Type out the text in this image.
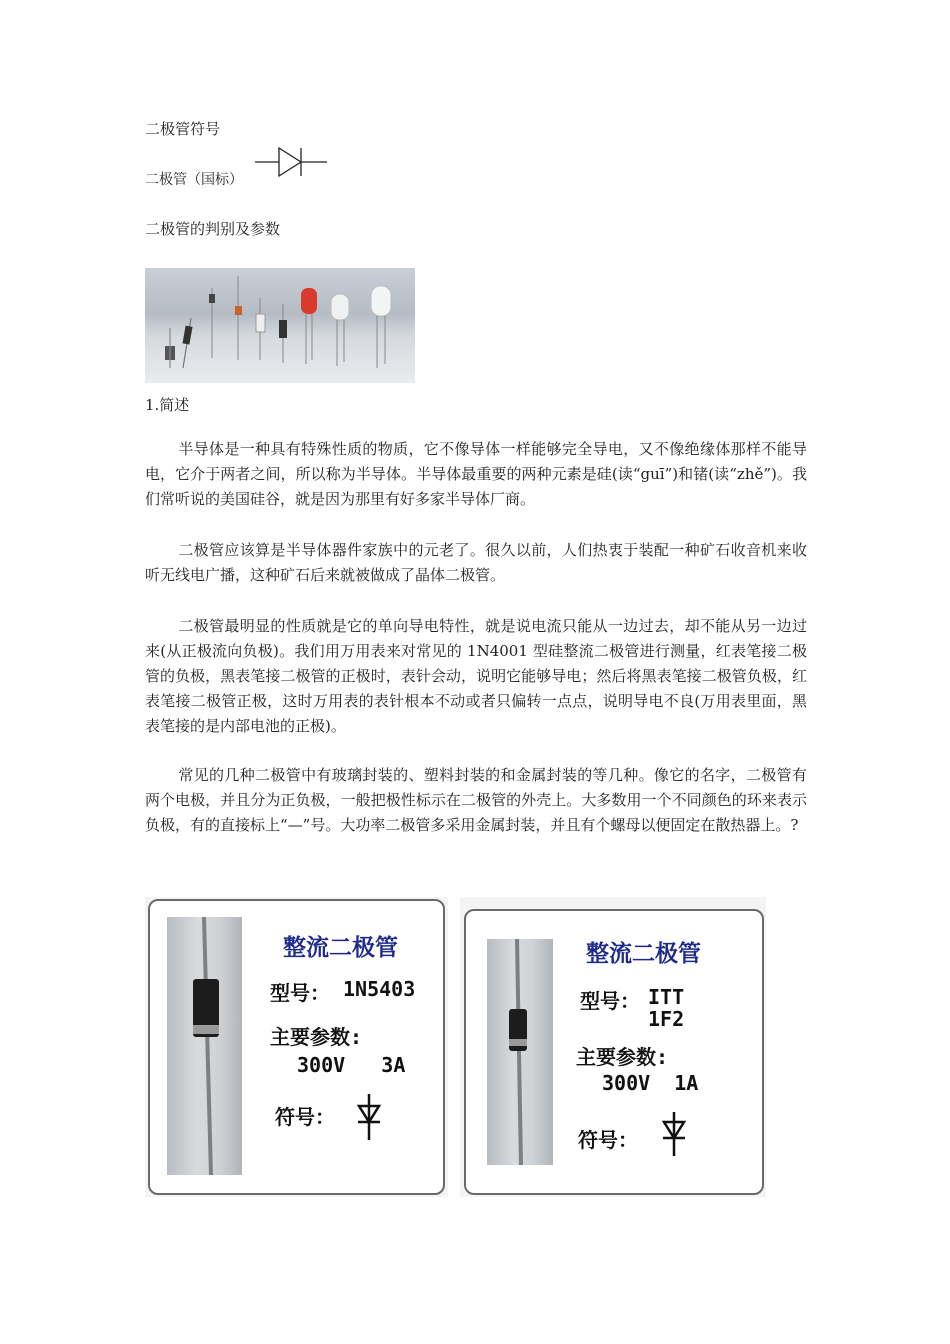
二极管符号
二极管（国标）
二极管的判别及参数
1.简述
半导体是一种具有特殊性质的物质，它不像导体一样能够完全导电，又不像绝缘体那样不能导电，它介于两者之间，所以称为半导体。半导体最重要的两种元素是硅(读“guī”)和锗(读“zhě”)。我们常听说的美国硅谷，就是因为那里有好多家半导体厂商。
二极管应该算是半导体器件家族中的元老了。很久以前，人们热衷于装配一种矿石收音机来收听无线电广播，这种矿石后来就被做成了晶体二极管。
二极管最明显的性质就是它的单向导电特性，就是说电流只能从一边过去，却不能从另一边过来(从正极流向负极)。我们用万用表来对常见的 1N4001 型硅整流二极管进行测量，红表笔接二极管的负极，黑表笔接二极管的正极时，表针会动，说明它能够导电；然后将黑表笔接二极管负极，红表笔接二极管正极，这时万用表的表针根本不动或者只偏转一点点，说明导电不良(万用表里面，黑表笔接的是内部电池的正极)。
常见的几种二极管中有玻璃封装的、塑料封装的和金属封装的等几种。像它的名字，二极管有两个电极，并且分为正负极，一般把极性标示在二极管的外壳上。大多数用一个不同颜色的环来表示负极，有的直接标上“—”号。大功率二极管多采用金属封装，并且有个螺母以便固定在散热器上。?
整流二极管
型号： 1N5403
主要参数:
300V   3A
符号：
整流二极管
型号： ITT
1F2
主要参数:
300V  1A
符号：
